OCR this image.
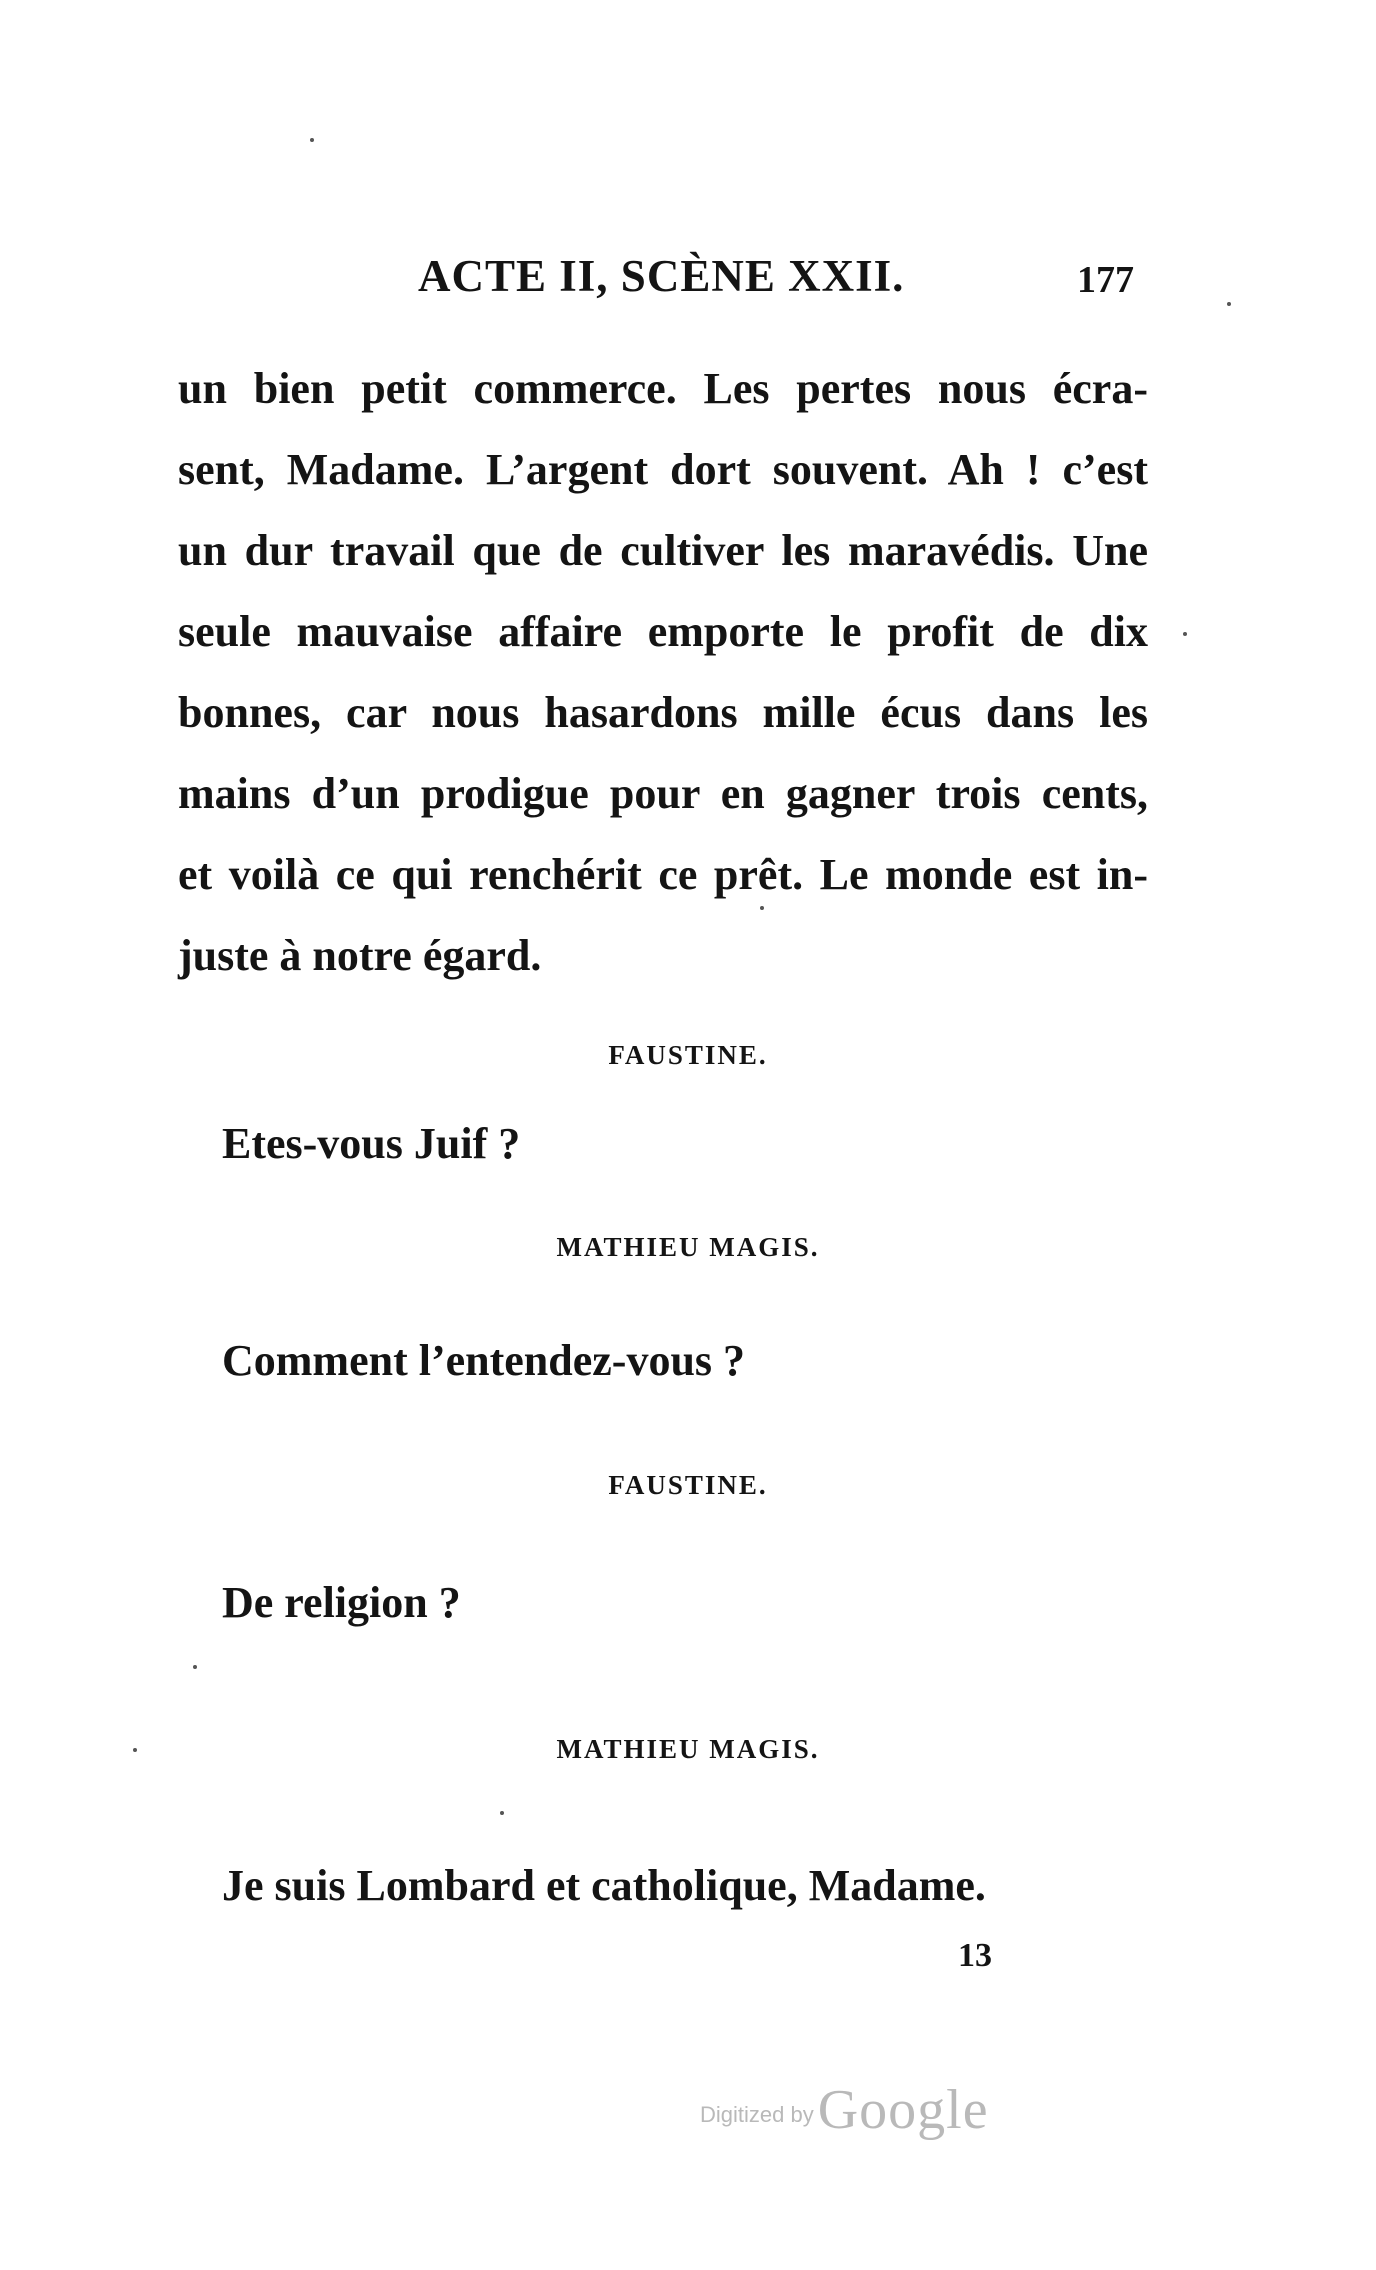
ACTE II, SCÈNE XXII.	177
un bien petit commerce. Les pertes nous écra-
sent, Madame. L’argent dort souvent. Ah ! c’est
un dur travail que de cultiver les maravédis. Une
seule mauvaise affaire emporte le profit de dix
bonnes, car nous hasardons mille écus dans les
mains d’un prodigue pour en gagner trois cents,
et voilà ce qui renchérit ce prêt. Le monde est in-
juste à notre égard.
FAUSTINE.
Etes-vous Juif ?
MATHIEU MAGIS.
Comment l’entendez-vous ?
FAUSTINE.
De religion ?
MATHIEU MAGIS.
Je suis Lombard et catholique, Madame.
13
Digitized by Google
